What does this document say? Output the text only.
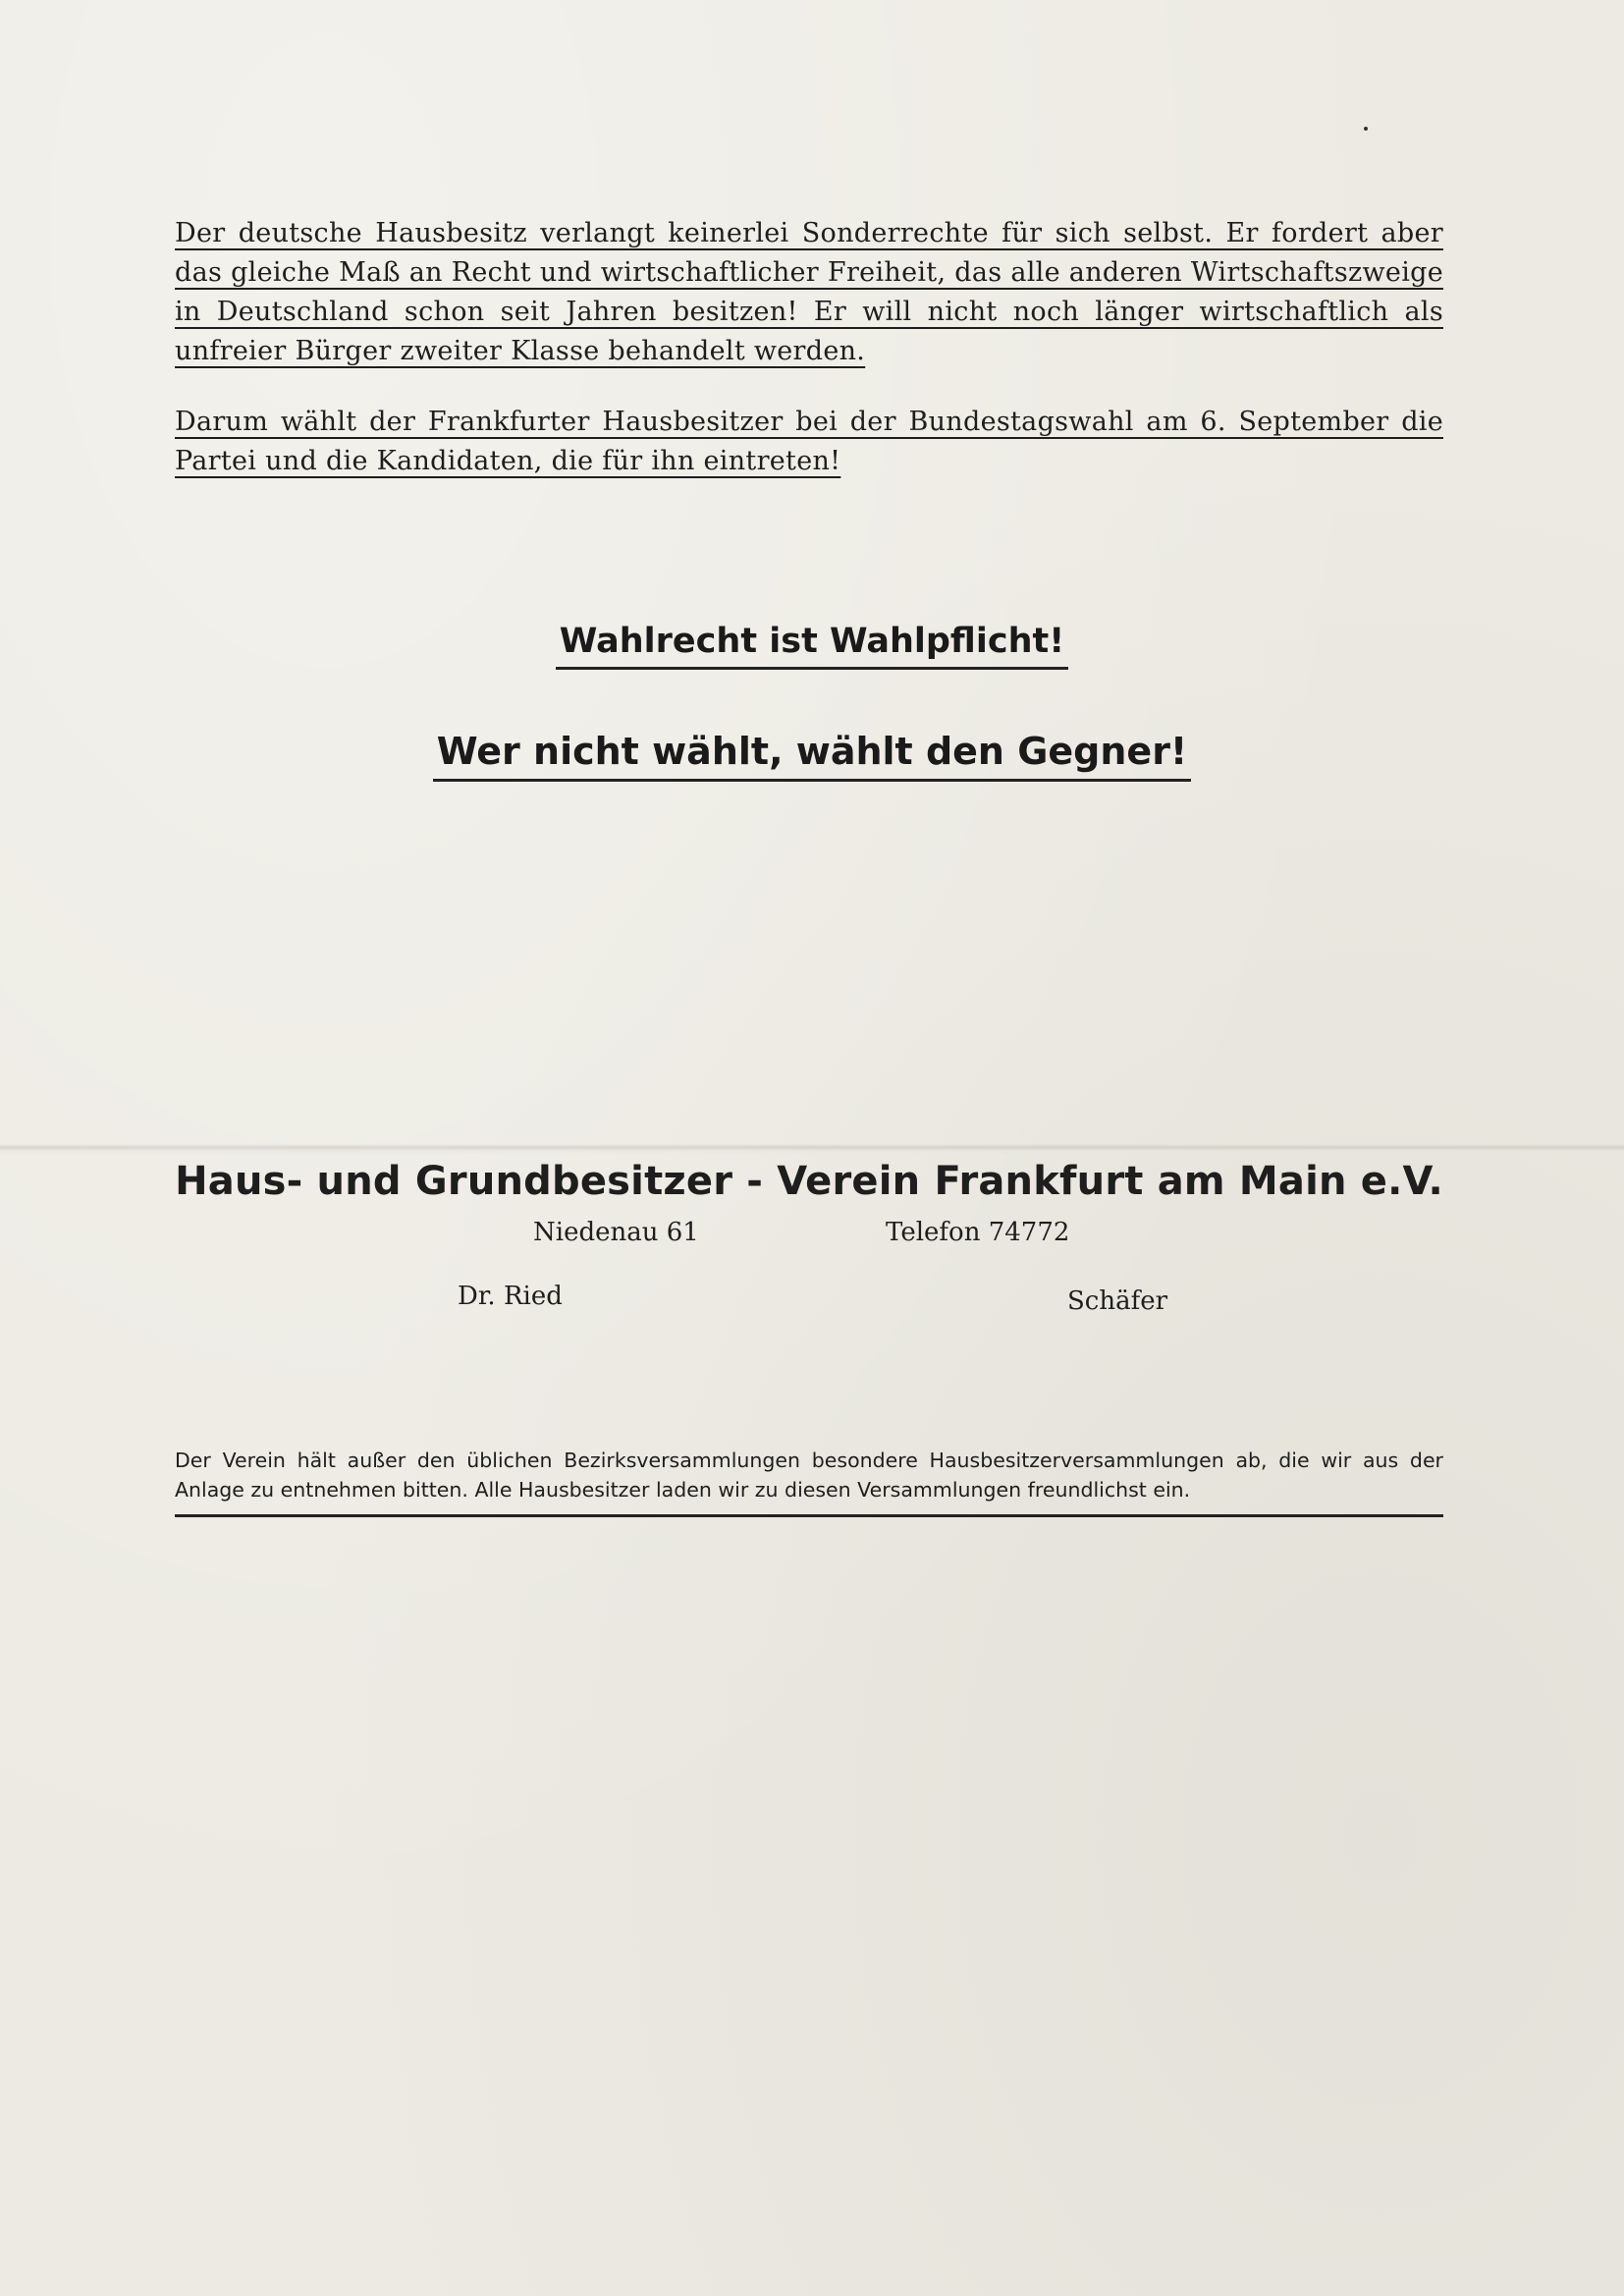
Der deutsche Hausbesitz verlangt keinerlei Sonderrechte für sich selbst. Er fordert aber das gleiche Maß an Recht und wirtschaftlicher Freiheit, das alle anderen Wirtschaftszweige in Deutschland schon seit Jahren besitzen! Er will nicht noch länger wirtschaftlich als unfreier Bürger zweiter Klasse behandelt werden.
Darum wählt der Frankfurter Hausbesitzer bei der Bundestagswahl am 6. September die Partei und die Kandidaten, die für ihn eintreten!
Wahlrecht ist Wahlpflicht!
Wer nicht wählt, wählt den Gegner!
Haus- und Grundbesitzer - Verein Frankfurt am Main e.V.
Niedenau 61	Telefon 74772
Dr. Ried	Schäfer
Der Verein hält außer den üblichen Bezirksversammlungen besondere Hausbesitzerversammlungen ab, die wir aus der Anlage zu entnehmen bitten. Alle Hausbesitzer laden wir zu diesen Versammlungen freundlichst ein.
